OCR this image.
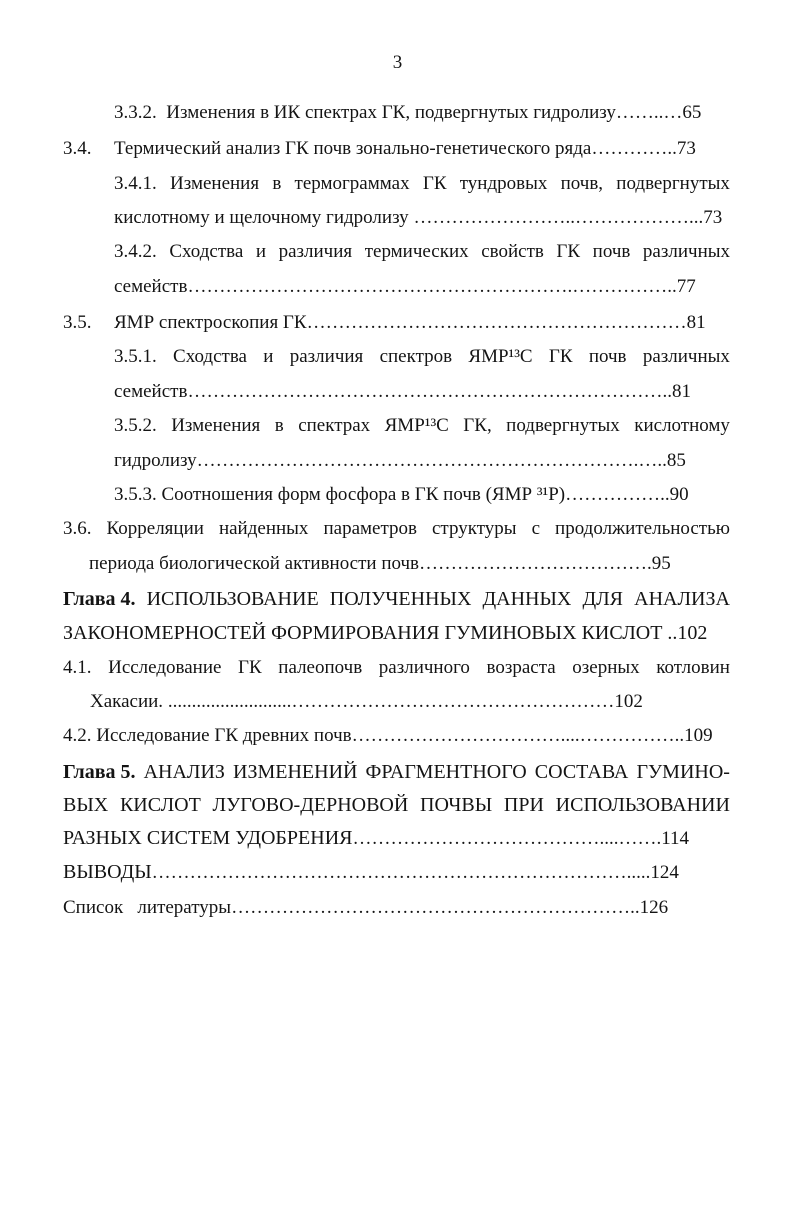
3
3.3.2. Изменения в ИК спектрах ГК, подвергнутых гидролизу……..…65
3.4. Термический анализ ГК почв зонально-генетического ряда…………..73
3.4.1. Изменения в термограммах ГК тундровых почв, подвергнутых
кислотному и щелочному гидролизу ……………………..………………...73
3.4.2. Сходства и различия термических свойств ГК почв различных
семейств…………………………………………………….……………..77
3.5. ЯМР спектроскопия ГК……………………………………………………81
3.5.1. Сходства и различия спектров ЯМР¹³С ГК почв различных
семейств…………………………………………………………………..81
3.5.2. Изменения в спектрах ЯМР¹³С ГК, подвергнутых кислотному
гидролизу…………………………………………………………….…..85
3.5.3. Соотношения форм фосфора в ГК почв (ЯМР ³¹Р)……………..90
3.6. Корреляции найденных параметров структуры с продолжительностью
периода биологической активности почв……………………………….95
Глава 4. ИСПОЛЬЗОВАНИЕ ПОЛУЧЕННЫХ ДАННЫХ ДЛЯ АНАЛИЗА
ЗАКОНОМЕРНОСТЕЙ ФОРМИРОВАНИЯ ГУМИНОВЫХ КИСЛОТ ..102
4.1. Исследование ГК палеопочв различного возраста озерных котловин
Хакасии. ..........................……………………………………………102
4.2. Исследование ГК древних почв……………………………....……………..109
Глава 5. АНАЛИЗ ИЗМЕНЕНИЙ ФРАГМЕНТНОГО СОСТАВА ГУМИНО-
ВЫХ КИСЛОТ ЛУГОВО-ДЕРНОВОЙ ПОЧВЫ ПРИ ИСПОЛЬЗОВАНИИ
РАЗНЫХ СИСТЕМ УДОБРЕНИЯ…………………………………....…….114
ВЫВОДЫ………………………………………………………………….....124
Список   литературы………………………………………………………..126
